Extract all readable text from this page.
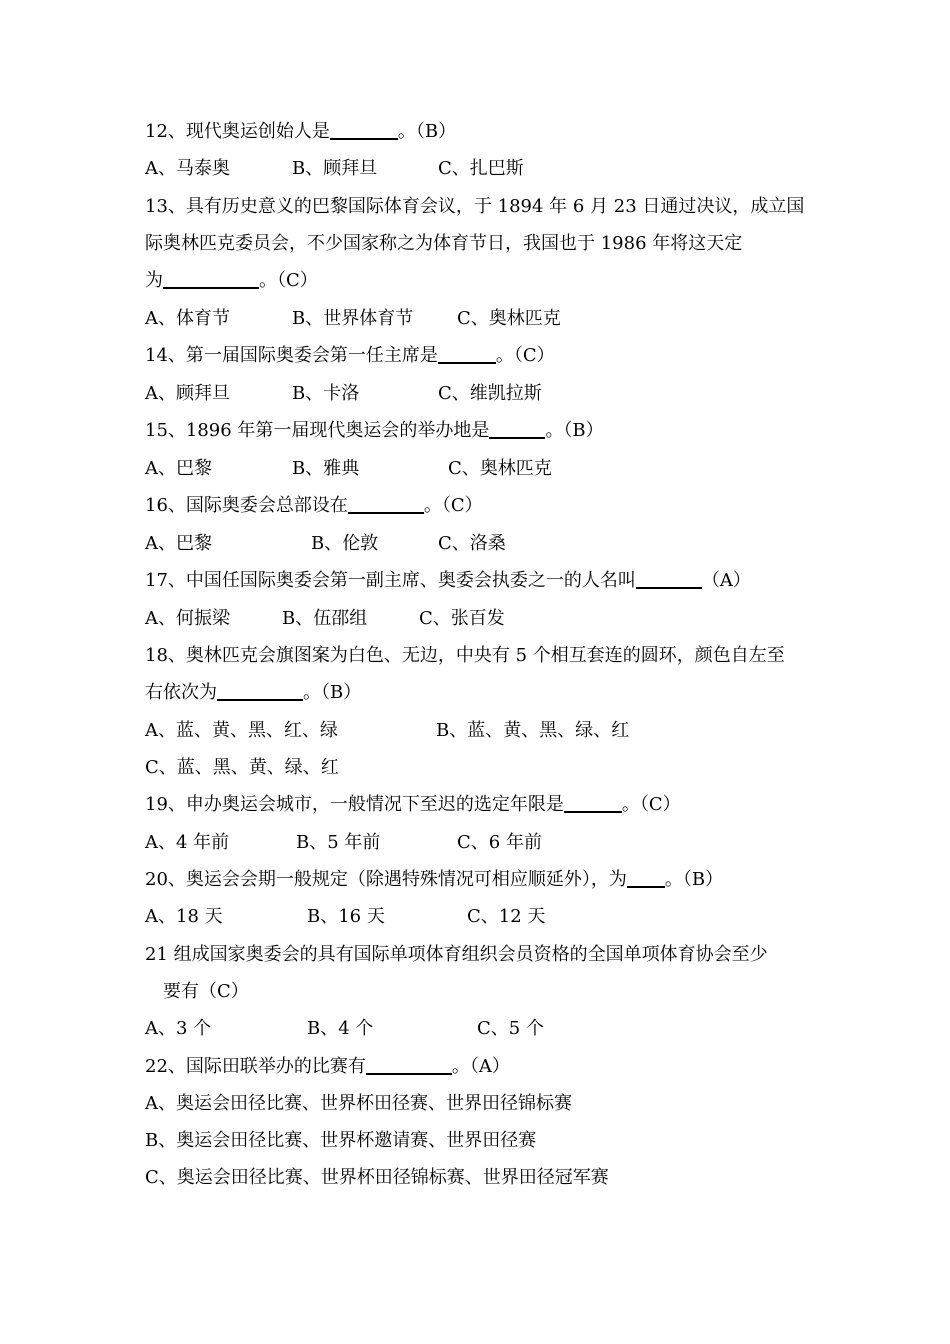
12、现代奥运创始人是	。（B）
A、马泰奥	B、顾拜旦	C、扎巴斯
13、具有历史意义的巴黎国际体育会议，于 1894 年 6 月 23 日通过决议，成立国
际奥林匹克委员会，不少国家称之为体育节日，我国也于 1986 年将这天定
为	。（C）
A、体育节	B、世界体育节 C、奥林匹克
14、第一届国际奥委会第一任主席是	。（C）
A、顾拜旦	B、卡洛	C、维凯拉斯
15、1896 年第一届现代奥运会的举办地是	。（B）
A、巴黎	B、雅典	C、奥林匹克
16、国际奥委会总部设在	。（C）
A、巴黎	B、伦敦	C、洛桑
17、中国任国际奥委会第一副主席、奥委会执委之一的人名叫	（A）
A、何振梁	B、伍邵组	C、张百发
18、奥林匹克会旗图案为白色、无边，中央有 5 个相互套连的圆环，颜色自左至
右依次为	。（B）
A、蓝、黄、黑、红、绿	B、蓝、黄、黑、绿、红
C、蓝、黑、黄、绿、红
19、申办奥运会城市，一般情况下至迟的选定年限是	。（C）
A、4 年前	B、5 年前	C、6 年前
20、奥运会会期一般规定（除遇特殊情况可相应顺延外），为 。（B）
A、18 天	B、16 天	C、12 天
21 组成国家奥委会的具有国际单项体育组织会员资格的全国单项体育协会至少
要有（C）
A、3 个	B、4 个	C、5 个
22、国际田联举办的比赛有	。（A）
A、奥运会田径比赛、世界杯田径赛、世界田径锦标赛
B、奥运会田径比赛、世界杯邀请赛、世界田径赛
C、奥运会田径比赛、世界杯田径锦标赛、世界田径冠军赛
